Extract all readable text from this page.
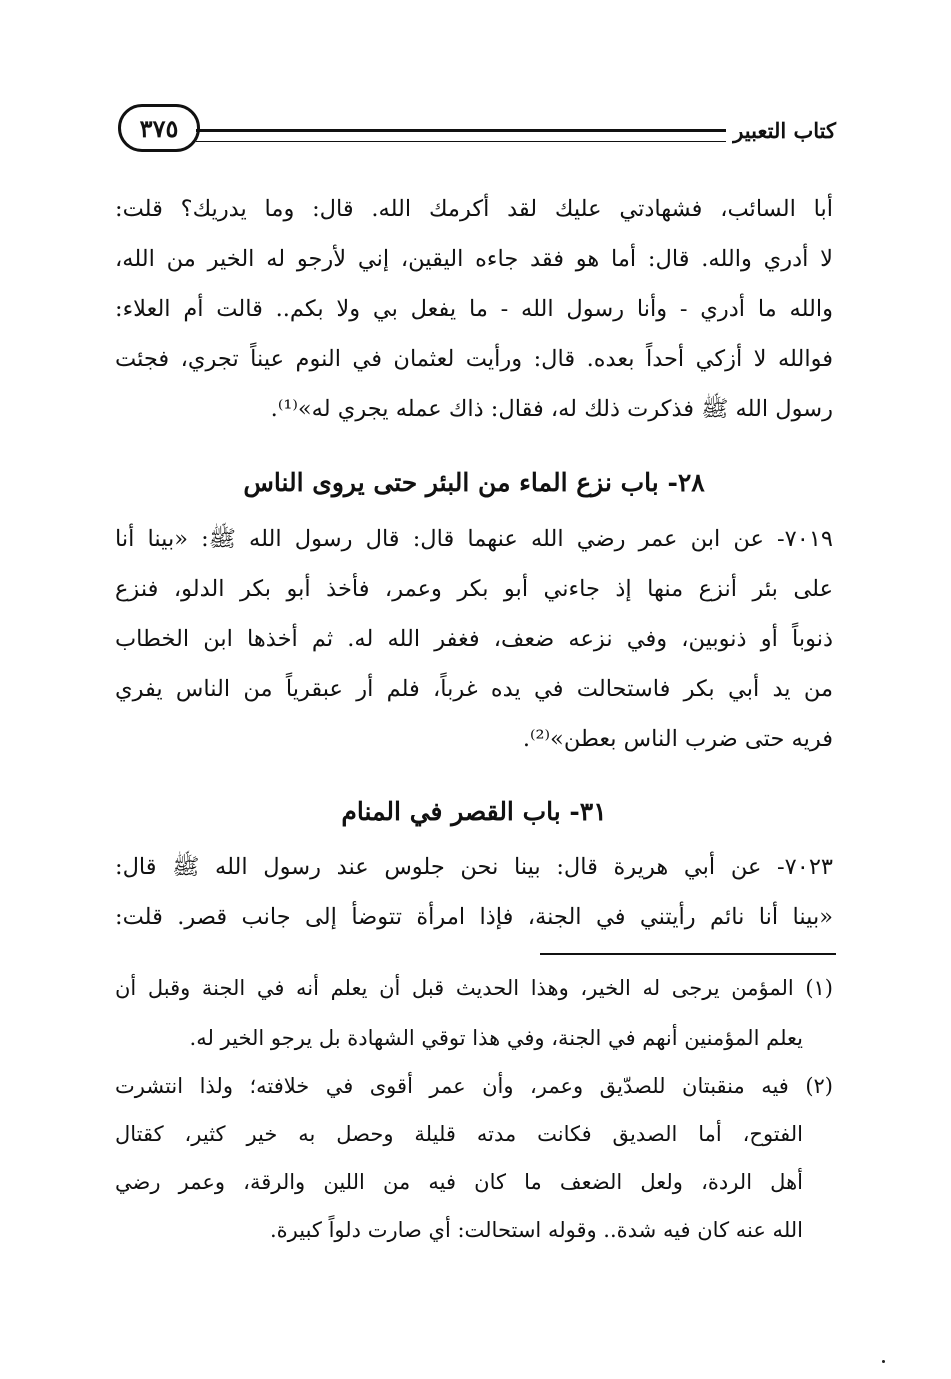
كتاب التعبير
٣٧٥
أبا السائب، فشهادتي عليك لقد أكرمك الله. قال: وما يدريك؟ قلت:
لا أدري والله. قال: أما هو فقد جاءه اليقين، إني لأرجو له الخير من الله،
والله ما أدري - وأنا رسول الله - ما يفعل بي ولا بكم.. قالت أم العلاء:
فوالله لا أزكي أحداً بعده. قال: ورأيت لعثمان في النوم عيناً تجري، فجئت
رسول الله ﷺ فذكرت ذلك له، فقال: ذاك عمله يجري له»⁽¹⁾.
٢٨- باب نزع الماء من البئر حتى يروى الناس
٧٠١٩- عن ابن عمر رضي الله عنهما قال: قال رسول الله ﷺ: «بينا أنا
على بئر أنزع منها إذ جاءني أبو بكر وعمر، فأخذ أبو بكر الدلو، فنزع
ذنوباً أو ذنوبين، وفي نزعه ضعف، فغفر الله له. ثم أخذها ابن الخطاب
من يد أبي بكر فاستحالت في يده غرباً، فلم أر عبقرياً من الناس يفري
فريه حتى ضرب الناس بعطن»⁽²⁾.
٣١- باب القصر في المنام
٧٠٢٣- عن أبي هريرة قال: بينا نحن جلوس عند رسول الله ﷺ قال:
«بينا أنا نائم رأيتني في الجنة، فإذا امرأة تتوضأ إلى جانب قصر. قلت:
(١) المؤمن يرجى له الخير، وهذا الحديث قبل أن يعلم أنه في الجنة وقبل أن
يعلم المؤمنين أنهم في الجنة، وفي هذا توقي الشهادة بل يرجو الخير له.
(٢) فيه منقبتان للصدّيق وعمر، وأن عمر أقوى في خلافته؛ ولذا انتشرت
الفتوح، أما الصديق فكانت مدته قليلة وحصل به خير كثير، كقتال
أهل الردة، ولعل الضعف ما كان فيه من اللين والرقة، وعمر رضي
الله عنه كان فيه شدة.. وقوله استحالت: أي صارت دلواً كبيرة.
